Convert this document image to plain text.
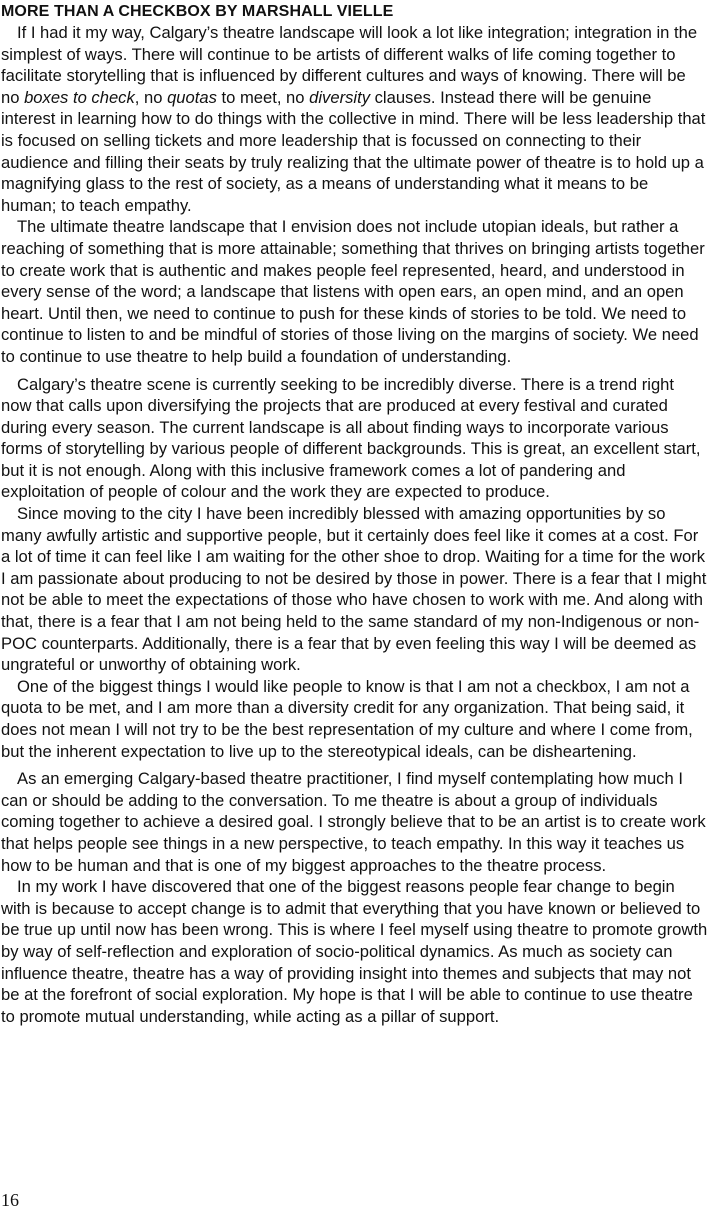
MORE THAN A CHECKBOX BY MARSHALL VIELLE

If I had it my way, Calgary’s theatre landscape will look a lot like integration; integration in the simplest of ways. There will continue to be artists of different walks of life coming together to facilitate storytelling that is influenced by different cultures and ways of knowing. There will be no boxes to check, no quotas to meet, no diversity clauses. Instead there will be genuine interest in learning how to do things with the collective in mind. There will be less leadership that is focused on selling tickets and more leadership that is focussed on connecting to their audience and filling their seats by truly realizing that the ultimate power of theatre is to hold up a magnifying glass to the rest of society, as a means of understanding what it means to be human; to teach empathy.

The ultimate theatre landscape that I envision does not include utopian ideals, but rather a reaching of something that is more attainable; something that thrives on bringing artists together to create work that is authentic and makes people feel represented, heard, and understood in every sense of the word; a landscape that listens with open ears, an open mind, and an open heart. Until then, we need to continue to push for these kinds of stories to be told. We need to continue to listen to and be mindful of stories of those living on the margins of society. We need to continue to use theatre to help build a foundation of understanding.

Calgary’s theatre scene is currently seeking to be incredibly diverse. There is a trend right now that calls upon diversifying the projects that are produced at every festival and curated during every season. The current landscape is all about finding ways to incorporate various forms of storytelling by various people of different backgrounds. This is great, an excellent start, but it is not enough. Along with this inclusive framework comes a lot of pandering and exploitation of people of colour and the work they are expected to produce.

Since moving to the city I have been incredibly blessed with amazing opportunities by so many awfully artistic and supportive people, but it certainly does feel like it comes at a cost. For a lot of time it can feel like I am waiting for the other shoe to drop. Waiting for a time for the work I am passionate about producing to not be desired by those in power. There is a fear that I might not be able to meet the expectations of those who have chosen to work with me. And along with that, there is a fear that I am not being held to the same standard of my non-Indigenous or non-POC counterparts. Additionally, there is a fear that by even feeling this way I will be deemed as ungrateful or unworthy of obtaining work.

One of the biggest things I would like people to know is that I am not a checkbox, I am not a quota to be met, and I am more than a diversity credit for any organization. That being said, it does not mean I will not try to be the best representation of my culture and where I come from, but the inherent expectation to live up to the stereotypical ideals, can be disheartening.

As an emerging Calgary-based theatre practitioner, I find myself contemplating how much I can or should be adding to the conversation. To me theatre is about a group of individuals coming together to achieve a desired goal. I strongly believe that to be an artist is to create work that helps people see things in a new perspective, to teach empathy. In this way it teaches us how to be human and that is one of my biggest approaches to the theatre process.

In my work I have discovered that one of the biggest reasons people fear change to begin with is because to accept change is to admit that everything that you have known or believed to be true up until now has been wrong. This is where I feel myself using theatre to promote growth by way of self-reflection and exploration of socio-political dynamics. As much as society can influence theatre, theatre has a way of providing insight into themes and subjects that may not be at the forefront of social exploration. My hope is that I will be able to continue to use theatre to promote mutual understanding, while acting as a pillar of support.

16
